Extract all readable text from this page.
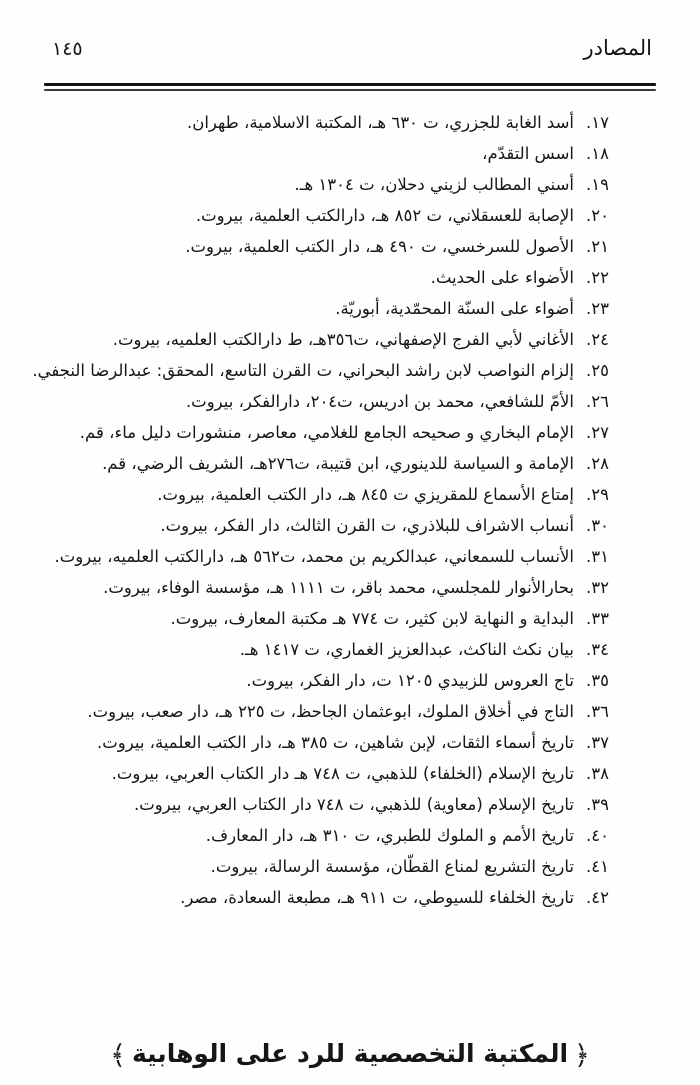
المصادر
١٤٥
١٧.
أسد الغابة للجزري، ت ٦٣٠ هـ، المكتبة الاسلامية، طهران.
١٨.
اسس التقدّم،
١٩.
أسني المطالب لزيني دحلان، ت ١٣٠٤ هـ.
٢٠.
الإصابة للعسقلاني، ت ٨٥٢ هـ، دارالكتب العلمية، بيروت.
٢١.
الأصول للسرخسي، ت ٤٩٠ هـ، دار الكتب العلمية، بيروت.
٢٢.
الأضواء على الحديث.
٢٣.
أضواء على السنّة المحمّدية، أبوريّة.
٢٤.
الأغاني لأبي الفرج الإصفهاني، ت٣٥٦هـ، ط دارالكتب العلميه، بيروت.
٢٥.
إلزام النواصب لابن راشد البحراني، ت القرن التاسع، المحقق: عبدالرضا النجفي.
٢٦.
الأمّ للشافعي، محمد بن ادريس، ت٢٠٤، دارالفكر، بيروت.
٢٧.
الإمام البخاري و صحيحه الجامع للغلامي، معاصر، منشورات دليل ماء، قم.
٢٨.
الإمامة و السياسة للدينوري، ابن قتيبة، ت٢٧٦هـ، الشريف الرضي، قم.
٢٩.
إمتاع الأسماع للمقريزي ت ٨٤٥ هـ، دار الكتب العلمية، بيروت.
٣٠.
أنساب الاشراف للبلاذري، ت القرن الثالث، دار الفكر، بيروت.
٣١.
الأنساب للسمعاني، عبدالكريم بن محمد، ت٥٦٢ هـ، دارالكتب العلميه، بيروت.
٣٢.
بحارالأنوار للمجلسي، محمد باقر، ت ١١١١ هـ، مؤسسة الوفاء، بيروت.
٣٣.
البداية و النهاية لابن كثير، ت ٧٧٤ هـ مكتبة المعارف، بيروت.
٣٤.
بيان نكث الناكث، عبدالعزيز الغماري، ت ١٤١٧ هـ.
٣٥.
تاج العروس للزبيدي ١٢٠٥ ت، دار الفكر، بيروت.
٣٦.
التاج في أخلاق الملوك، ابوعثمان الجاحظ، ت ٢٢٥ هـ، دار صعب، بيروت.
٣٧.
تاريخ أسماء الثقات، لإبن شاهين، ت ٣٨٥ هـ، دار الكتب العلمية، بيروت.
٣٨.
تاريخ الإسلام (الخلفاء) للذهبي، ت ٧٤٨ هـ دار الكتاب العربي، بيروت.
٣٩.
تاريخ الإسلام (معاوية) للذهبي، ت ٧٤٨ دار الكتاب العربي، بيروت.
٤٠.
تاريخ الأمم و الملوك للطبري، ت ٣١٠ هـ، دار المعارف.
٤١.
تاريخ التشريع لمناع القطّان، مؤسسة الرسالة، بيروت.
٤٢.
تاريخ الخلفاء للسيوطي، ت ٩١١ هـ، مطبعة السعادة، مصر.
﴿المكتبة التخصصية للرد على الوهابية﴾
